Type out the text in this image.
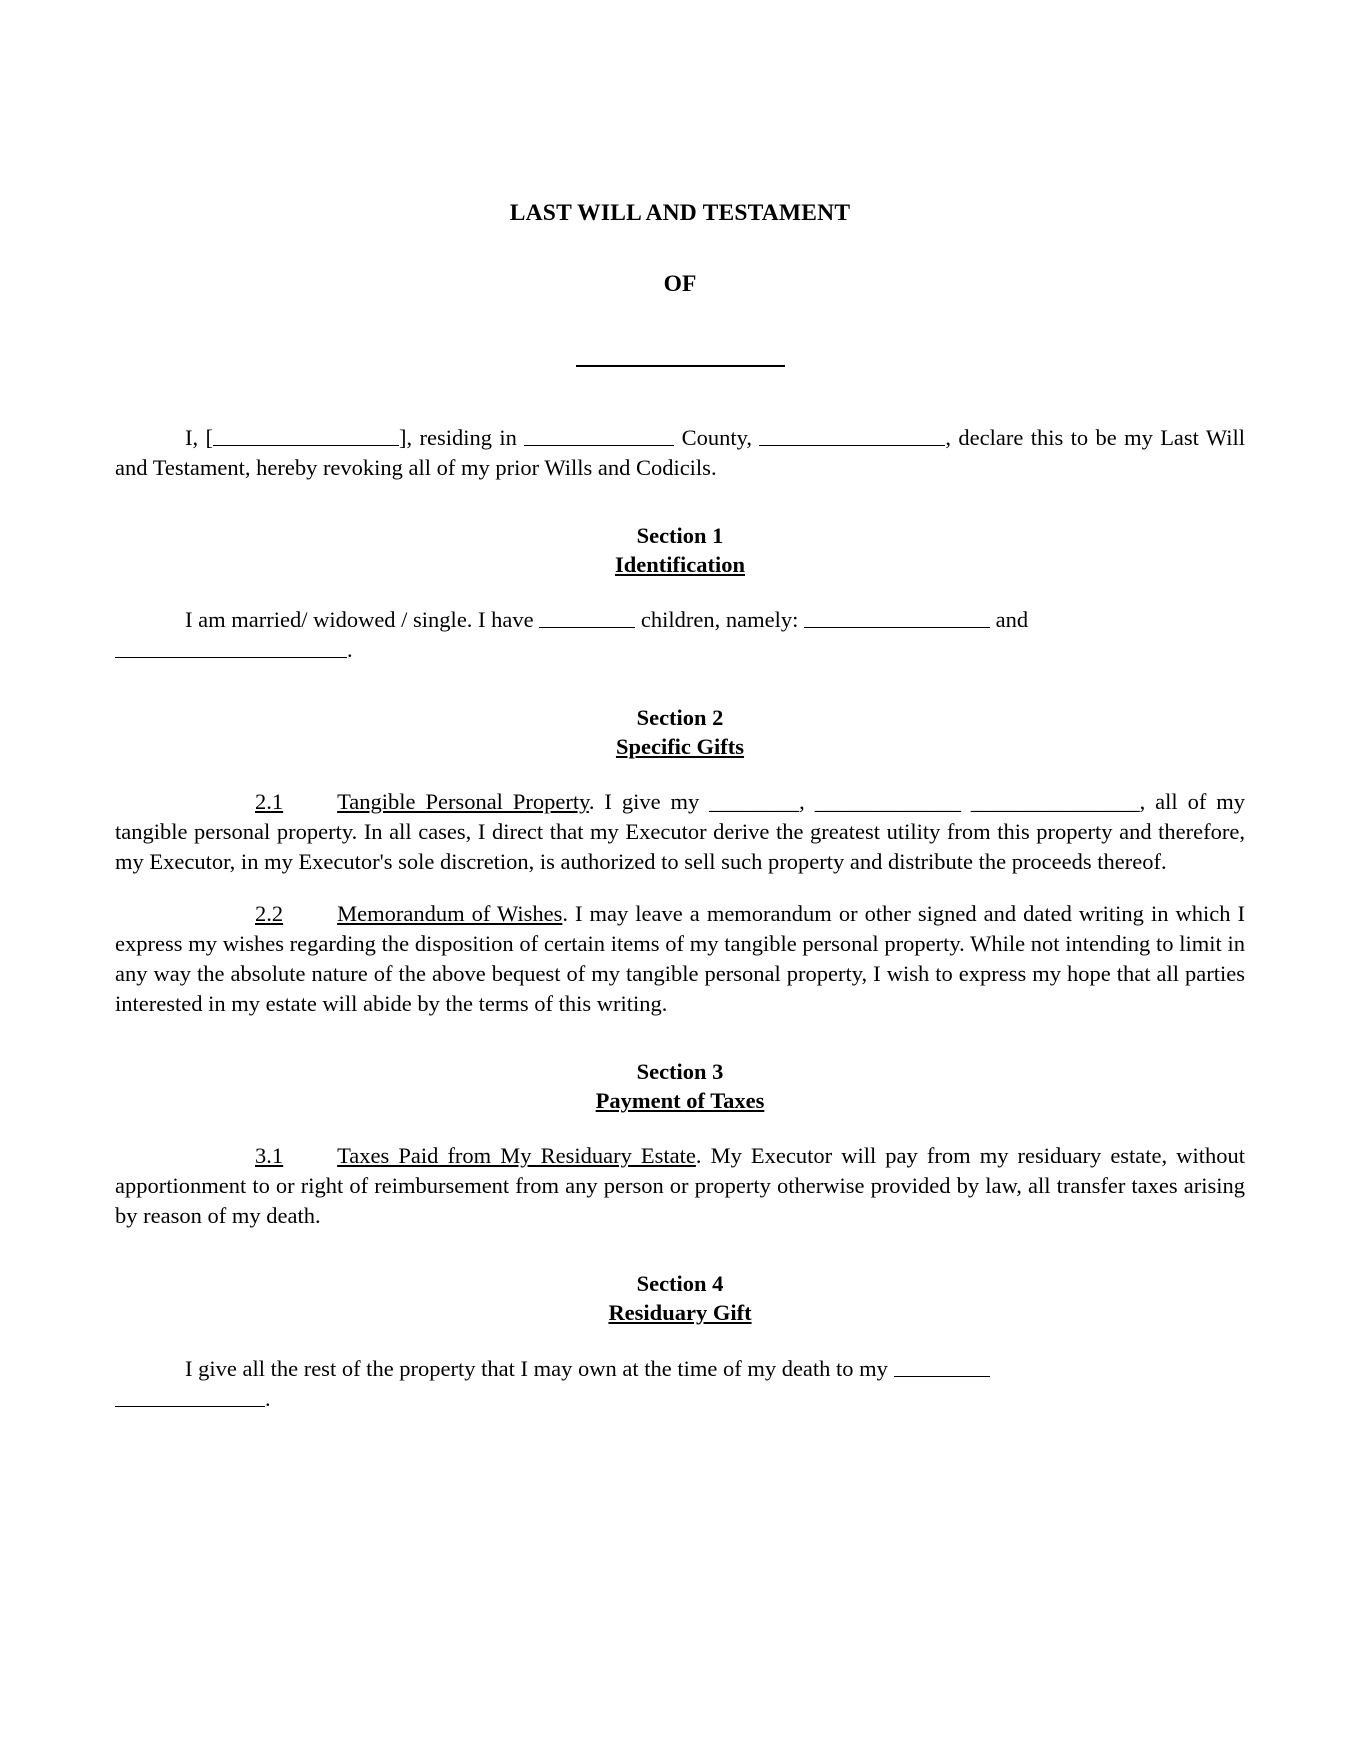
LAST WILL AND TESTAMENT
OF

I, [	], residing in	County,	, declare this to be my Last Will and Testament, hereby revoking all of my prior Wills and Codicils.

Section 1
Identification

I am married/ widowed / single. I have	children, namely:	and
.

Section 2
Specific Gifts

2.1 Tangible Personal Property. I give my ________, _____________ _______________, all of my tangible personal property. In all cases, I direct that my Executor derive the greatest utility from this property and therefore, my Executor, in my Executor's sole discretion, is authorized to sell such property and distribute the proceeds thereof.

2.2 Memorandum of Wishes. I may leave a memorandum or other signed and dated writing in which I express my wishes regarding the disposition of certain items of my tangible personal property. While not intending to limit in any way the absolute nature of the above bequest of my tangible personal property, I wish to express my hope that all parties interested in my estate will abide by the terms of this writing.

Section 3
Payment of Taxes

3.1 Taxes Paid from My Residuary Estate. My Executor will pay from my residuary estate, without apportionment to or right of reimbursement from any person or property otherwise provided by law, all transfer taxes arising by reason of my death.

Section 4
Residuary Gift

I give all the rest of the property that I may own at the time of my death to my
.
